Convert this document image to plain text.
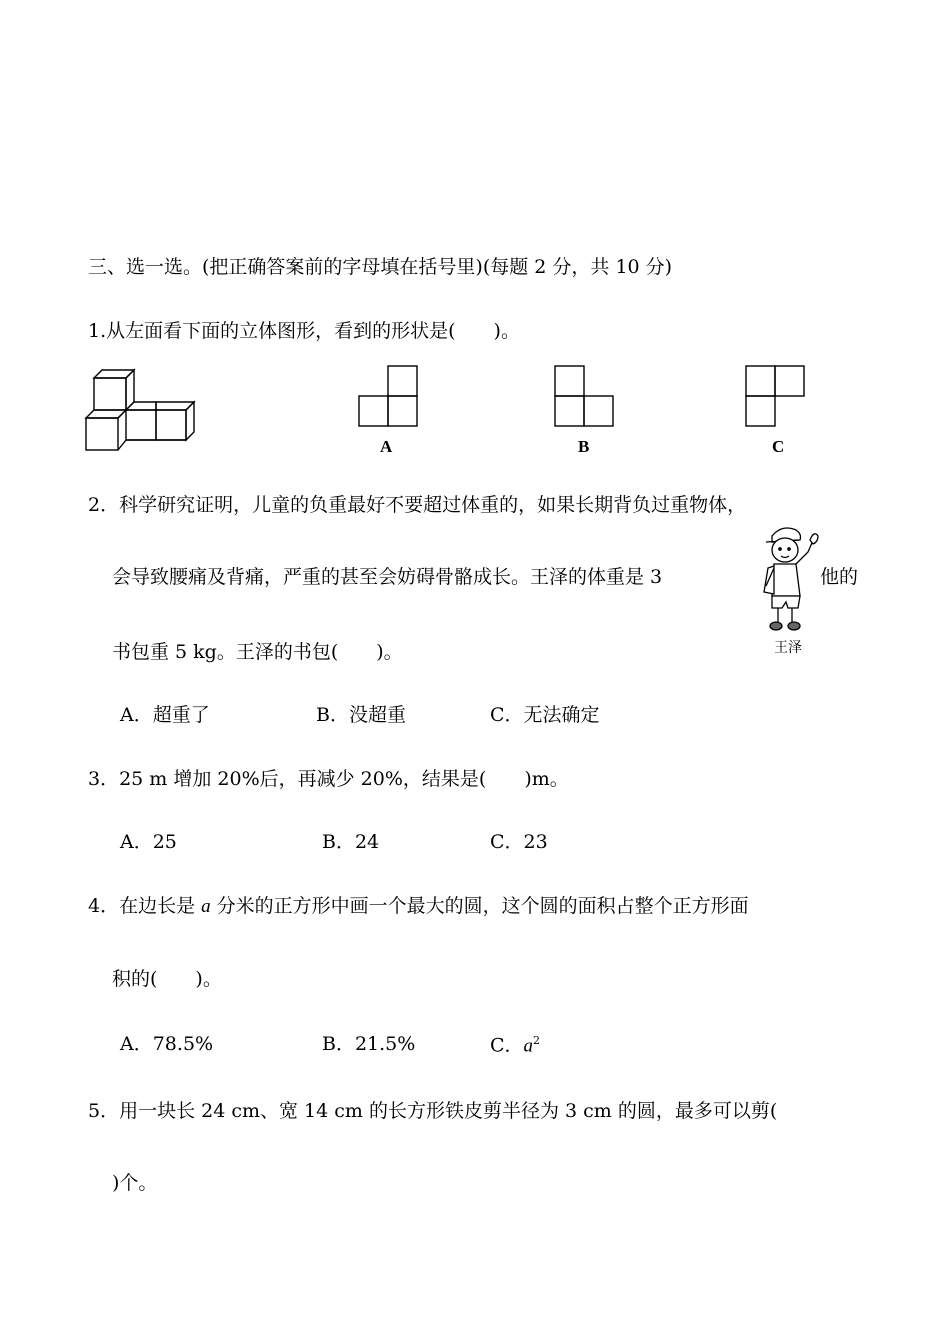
三、选一选。(把正确答案前的字母填在括号里)(每题 2 分，共 10 分)
1.从左面看下面的立体图形，看到的形状是(　　)。
A	B	C
2．科学研究证明，儿童的负重最好不要超过体重的，如果长期背负过重物体，
会导致腰痛及背痛，严重的甚至会妨碍骨骼成长。王泽的体重是 3	他的
书包重 5 kg。王泽的书包(　　)。	王泽
A．超重了	B．没超重	C．无法确定
3．25 m 增加 20%后，再减少 20%，结果是(　　)m。
A．25	B．24	C．23
4．在边长是 a 分米的正方形中画一个最大的圆，这个圆的面积占整个正方形面
积的(　　)。
A．78.5%	B．21.5%	C．$a^2$
5．用一块长 24 cm、宽 14 cm 的长方形铁皮剪半径为 3 cm 的圆，最多可以剪(
)个。
